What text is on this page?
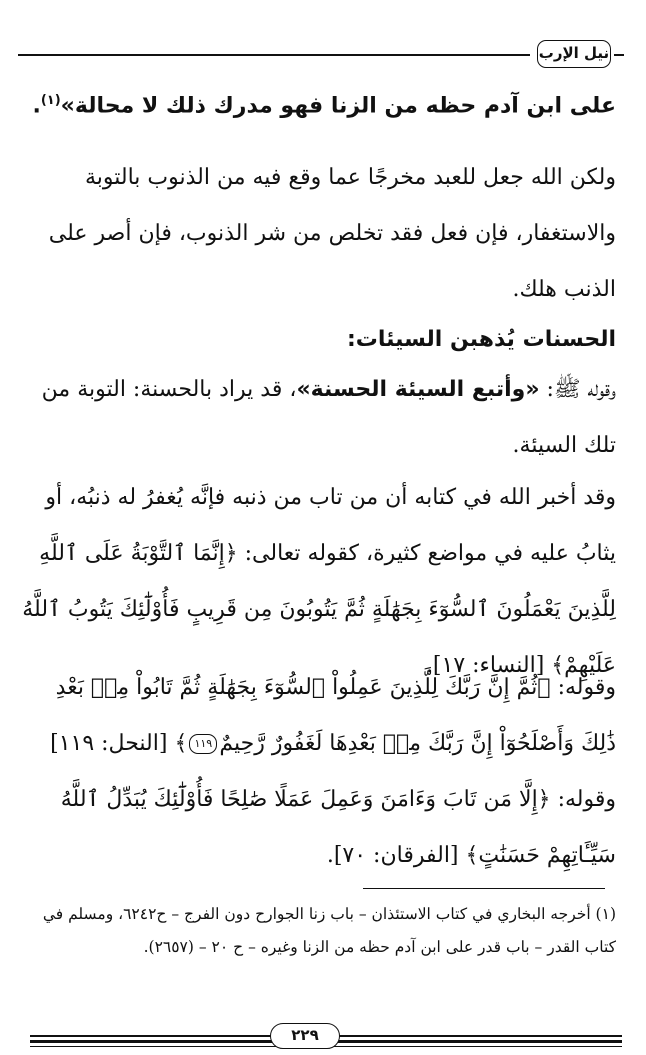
نيل الإرب

على ابن آدم حظه من الزنا فهو مدرك ذلك لا محالة»$^{(١)}$.

ولكن الله جعل للعبد مخرجًا عما وقع فيه من الذنوب بالتوبة والاستغفار، فإن فعل فقد تخلص من شر الذنوب، فإن أصر على الذنب هلك.

الحسنات يُذهبن السيئات:

وقوله ﷺ: «وأتبع السيئة الحسنة»، قد يراد بالحسنة: التوبة من تلك السيئة.

وقد أخبر الله في كتابه أن من تاب من ذنبه فإنَّه يُغفرُ له ذنبُه، أو يثابُ عليه في مواضع كثيرة، كقوله تعالى: ﴿إِنَّمَا ٱلتَّوْبَةُ عَلَى ٱللَّهِ لِلَّذِينَ يَعْمَلُونَ ٱلسُّوٓءَ بِجَهَٰلَةٍ ثُمَّ يَتُوبُونَ مِن قَرِيبٍ فَأُوْلَٰٓئِكَ يَتُوبُ ٱللَّهُ عَلَيْهِمْ﴾ [النساء: ١٧].

وقوله: ﴿ثُمَّ إِنَّ رَبَّكَ لِلَّذِينَ عَمِلُواْ ٱلسُّوٓءَ بِجَهَٰلَةٍ ثُمَّ تَابُواْ مِنۢ بَعْدِ ذَٰلِكَ وَأَصْلَحُوٓاْ إِنَّ رَبَّكَ مِنۢ بَعْدِهَا لَغَفُورٌ رَّحِيمٌ١١٩﴾ [النحل: ١١٩] وقوله: ﴿إِلَّا مَن تَابَ وَءَامَنَ وَعَمِلَ عَمَلًا صَٰلِحًا فَأُوْلَٰٓئِكَ يُبَدِّلُ ٱللَّهُ سَيِّـَٔاتِهِمْ حَسَنَٰتٍ﴾ [الفرقان: ٧٠].

(١) أخرجه البخاري في كتاب الاستئذان – باب زنا الجوارح دون الفرج – ح٦٢٤٢، ومسلم في كتاب القدر – باب قدر على ابن آدم حظه من الزنا وغيره – ح ٢٠ – (٢٦٥٧).

٢٢٩
